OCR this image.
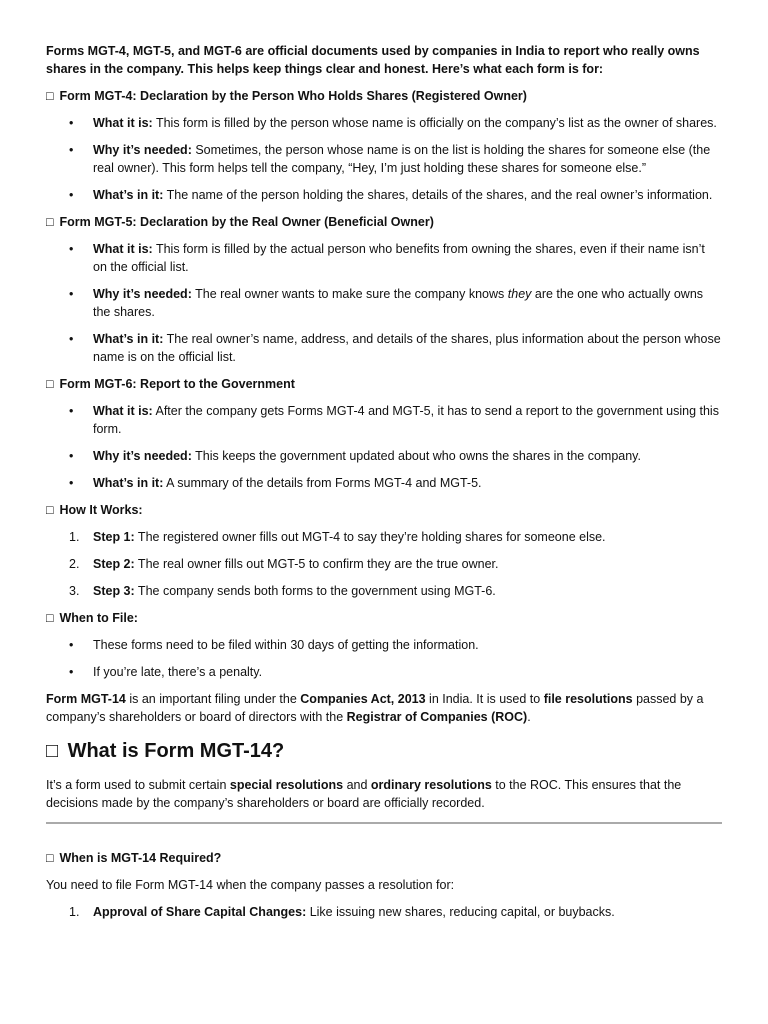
Forms MGT-4, MGT-5, and MGT-6 are official documents used by companies in India to report who really owns shares in the company. This helps keep things clear and honest. Here’s what each form is for:

□ Form MGT-4: Declaration by the Person Who Holds Shares (Registered Owner)

• What it is: This form is filled by the person whose name is officially on the company’s list as the owner of shares.
• Why it’s needed: Sometimes, the person whose name is on the list is holding the shares for someone else (the real owner). This form helps tell the company, “Hey, I’m just holding these shares for someone else.”
• What’s in it: The name of the person holding the shares, details of the shares, and the real owner’s information.

□ Form MGT-5: Declaration by the Real Owner (Beneficial Owner)

• What it is: This form is filled by the actual person who benefits from owning the shares, even if their name isn’t on the official list.
• Why it’s needed: The real owner wants to make sure the company knows they are the one who actually owns the shares.
• What’s in it: The real owner’s name, address, and details of the shares, plus information about the person whose name is on the official list.

□ Form MGT-6: Report to the Government

• What it is: After the company gets Forms MGT-4 and MGT-5, it has to send a report to the government using this form.
• Why it’s needed: This keeps the government updated about who owns the shares in the company.
• What’s in it: A summary of the details from Forms MGT-4 and MGT-5.

□ How It Works:

1. Step 1: The registered owner fills out MGT-4 to say they’re holding shares for someone else.
2. Step 2: The real owner fills out MGT-5 to confirm they are the true owner.
3. Step 3: The company sends both forms to the government using MGT-6.

□ When to File:

• These forms need to be filed within 30 days of getting the information.
• If you’re late, there’s a penalty.

Form MGT-14 is an important filing under the Companies Act, 2013 in India. It is used to file resolutions passed by a company’s shareholders or board of directors with the Registrar of Companies (ROC).

□ What is Form MGT-14?

It’s a form used to submit certain special resolutions and ordinary resolutions to the ROC. This ensures that the decisions made by the company’s shareholders or board are officially recorded.

□ When is MGT-14 Required?

You need to file Form MGT-14 when the company passes a resolution for:

1. Approval of Share Capital Changes: Like issuing new shares, reducing capital, or buybacks.
